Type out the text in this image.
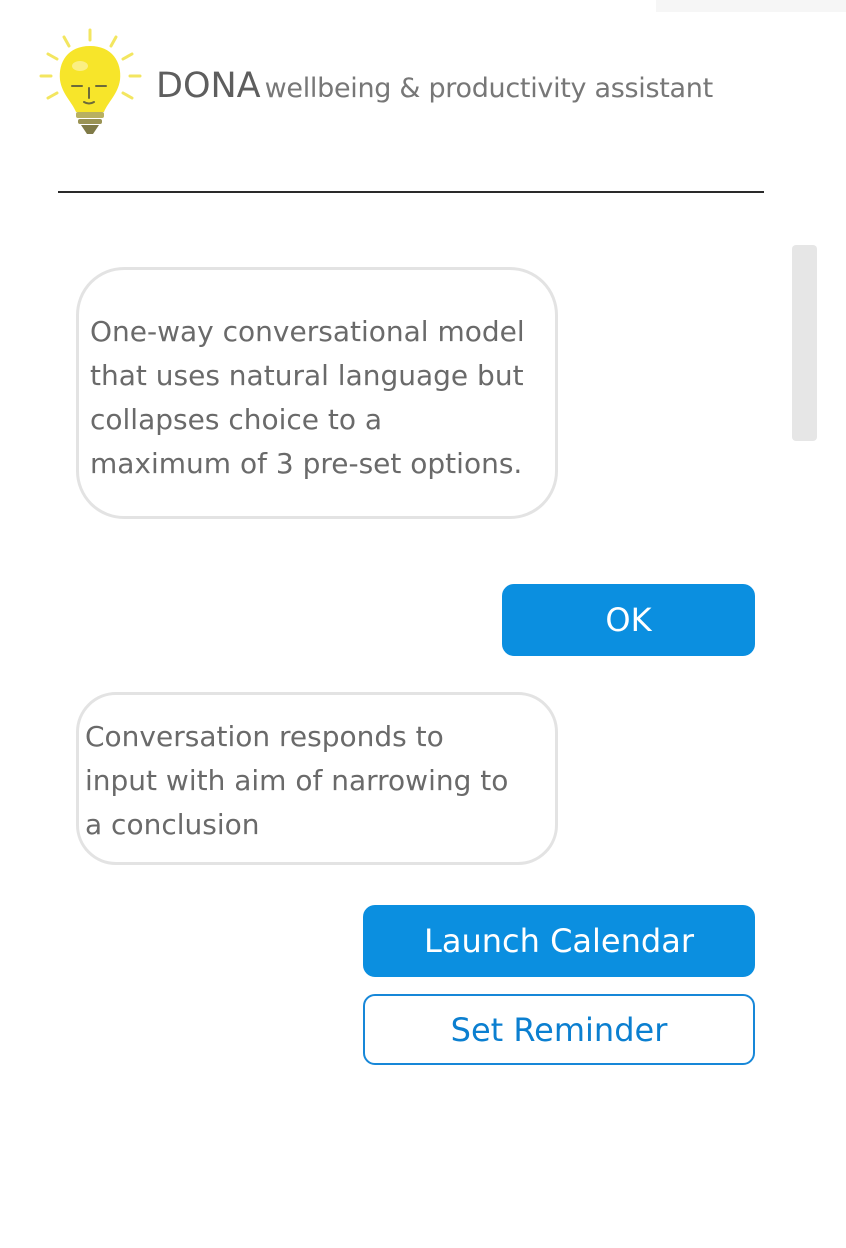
DONA wellbeing & productivity assistant

One-way conversational model
that uses natural language but
collapses choice to a
maximum of 3 pre-set options.

OK

Conversation responds to
input with aim of narrowing to
a conclusion

Launch Calendar
Set Reminder
